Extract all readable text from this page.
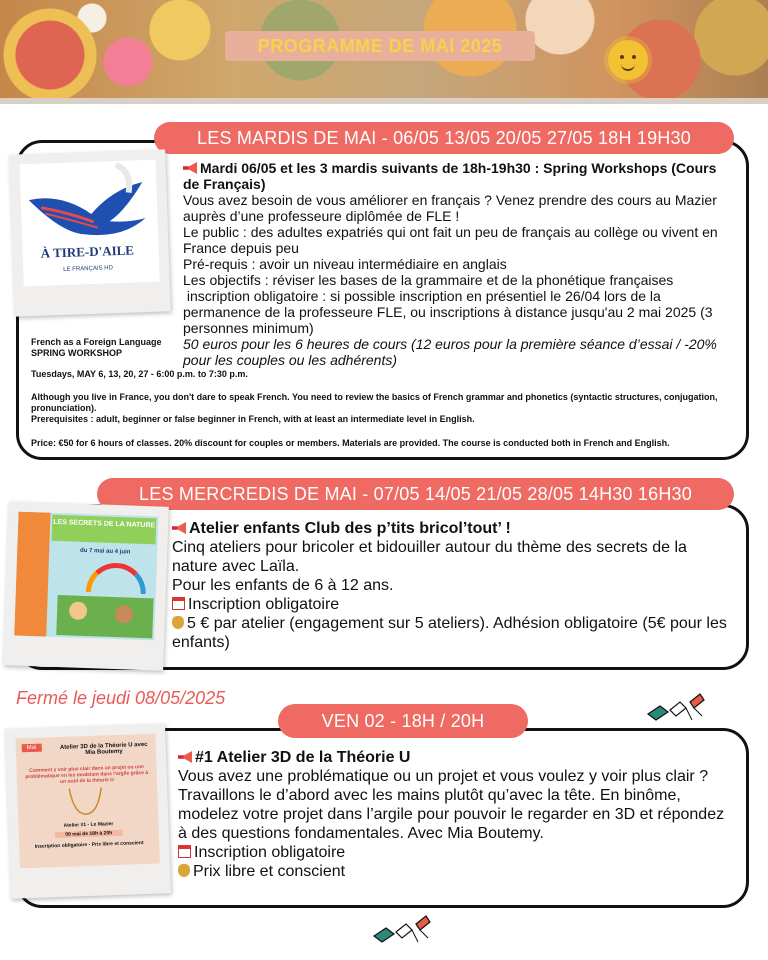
PROGRAMME DE MAI 2025
LES MARDIS DE MAI - 06/05 13/05 20/05 27/05 18H 19H30
À TIRE-D'AILE
LE FRANÇAIS HD
Mardi 06/05 et les 3 mardis suivants de 18h-19h30 : Spring Workshops (Cours de Français)
Vous avez besoin de vous améliorer en français ? Venez prendre des cours au Mazier auprès d’une professeure diplômée de FLE !
Le public : des adultes expatriés qui ont fait un peu de français au collège ou vivent en France depuis peu
Pré-requis : avoir un niveau intermédiaire en anglais
Les objectifs : réviser les bases de la grammaire et de la phonétique françaises
inscription obligatoire : si possible inscription en présentiel le 26/04 lors de la permanence de la professeure FLE, ou inscriptions à distance jusqu'au 2 mai 2025 (3 personnes minimum)
50 euros pour les 6 heures de cours (12 euros pour la première séance d’essai / -20% pour les couples ou les adhérents)
French as a Foreign Language
SPRING WORKSHOP
Tuesdays, MAY 6, 13, 20, 27 - 6:00 p.m. to 7:30 p.m.
Although you live in France, you don't dare to speak French. You need to review the basics of French grammar and phonetics (syntactic structures, conjugation, pronunciation).
Prerequisites : adult, beginner or false beginner in French, with at least an intermediate level in English.
Price: €50 for 6 hours of classes. 20% discount for couples or members. Materials are provided. The course is conducted both in French and English.
LES MERCREDIS DE MAI - 07/05 14/05 21/05 28/05 14H30 16H30
LES SECRETS DE LA NATURE
du 7 mai au 4 juin
Atelier enfants Club des p’tits bricol’tout’ !
Cinq ateliers pour bricoler et bidouiller autour du thème des secrets de la nature avec Laïla.
Pour les enfants de 6 à 12 ans.
Inscription obligatoire
5 € par atelier (engagement sur 5 ateliers). Adhésion obligatoire (5€ pour les enfants)
Fermé le jeudi 08/05/2025
VEN 02 - 18H / 20H
Mai	Atelier 3D de la Théorie U avec Mia Boutemy
Comment y voir plus clair dans un projet ou une problématique en les modelant dans l'argile grâce à un outil de la théorie U
Atelier #1 - Le Mazier
09 mai de 18h à 20h
Inscription obligatoire - Prix libre et conscient
#1 Atelier 3D de la Théorie U
Vous avez une problématique ou un projet et vous voulez y voir plus clair ? Travaillons le d’abord avec les mains plutôt qu’avec la tête. En binôme, modelez votre projet dans l’argile pour pouvoir le regarder en 3D et répondez à des questions fondamentales. Avec Mia Boutemy.
Inscription obligatoire
Prix libre et conscient
